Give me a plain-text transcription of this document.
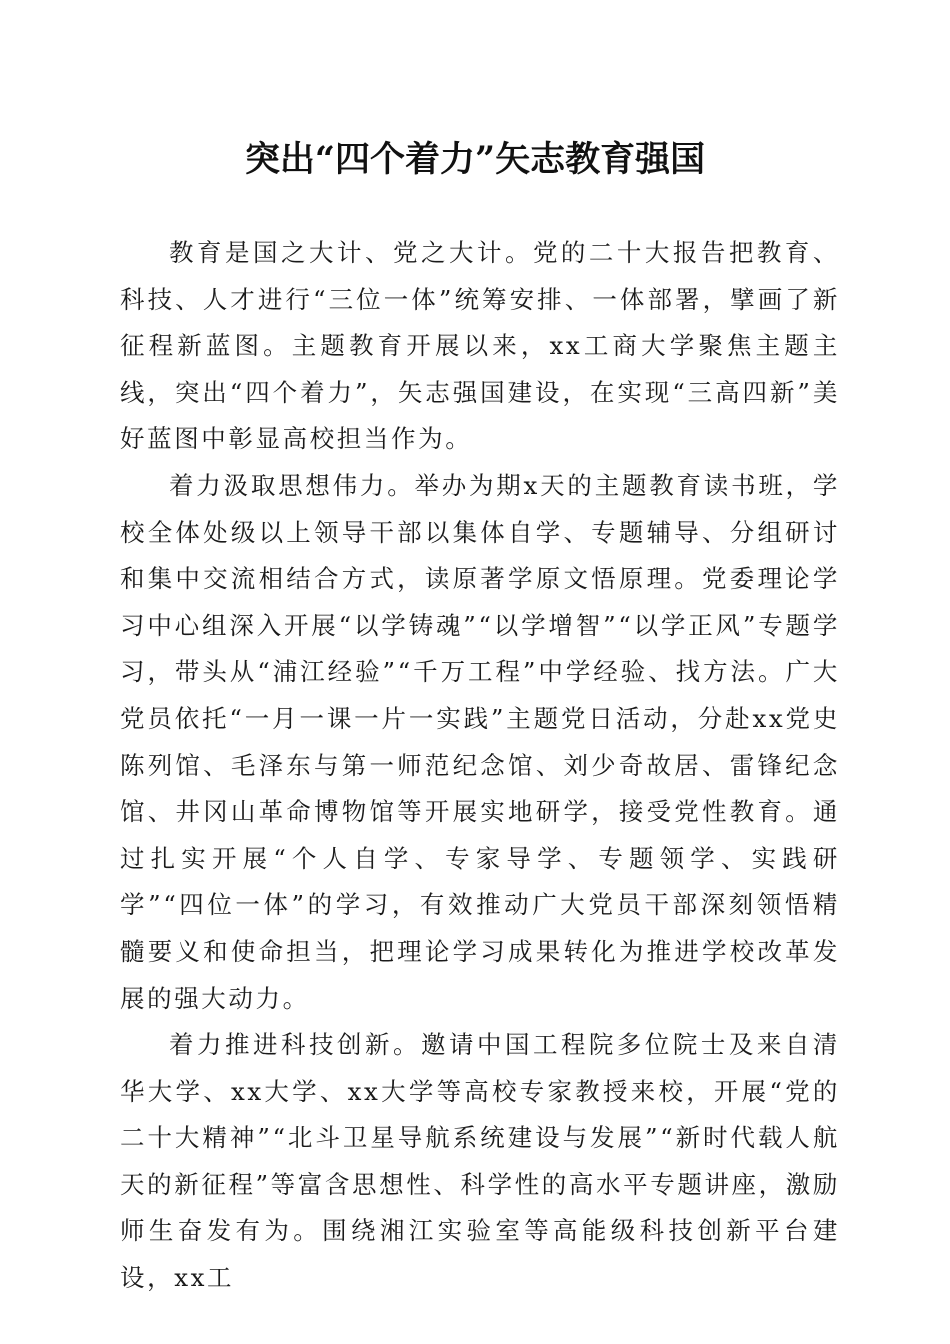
突出“四个着力”矢志教育强国

教育是国之大计、党之大计。党的二十大报告把教育、科技、人才进行“三位一体”统筹安排、一体部署，擘画了新征程新蓝图。主题教育开展以来，xx工商大学聚焦主题主线，突出“四个着力”，矢志强国建设，在实现“三高四新”美好蓝图中彰显高校担当作为。

着力汲取思想伟力。举办为期x天的主题教育读书班，学校全体处级以上领导干部以集体自学、专题辅导、分组研讨和集中交流相结合方式，读原著学原文悟原理。党委理论学习中心组深入开展“以学铸魂”“以学增智”“以学正风”专题学习，带头从“浦江经验”“千万工程”中学经验、找方法。广大党员依托“一月一课一片一实践”主题党日活动，分赴xx党史陈列馆、毛泽东与第一师范纪念馆、刘少奇故居、雷锋纪念馆、井冈山革命博物馆等开展实地研学，接受党性教育。通过扎实开展“个人自学、专家导学、专题领学、实践研学”“四位一体”的学习，有效推动广大党员干部深刻领悟精髓要义和使命担当，把理论学习成果转化为推进学校改革发展的强大动力。

着力推进科技创新。邀请中国工程院多位院士及来自清华大学、xx大学、xx大学等高校专家教授来校，开展“党的二十大精神”“北斗卫星导航系统建设与发展”“新时代载人航天的新征程”等富含思想性、科学性的高水平专题讲座，激励师生奋发有为。围绕湘江实验室等高能级科技创新平台建设，xx工
